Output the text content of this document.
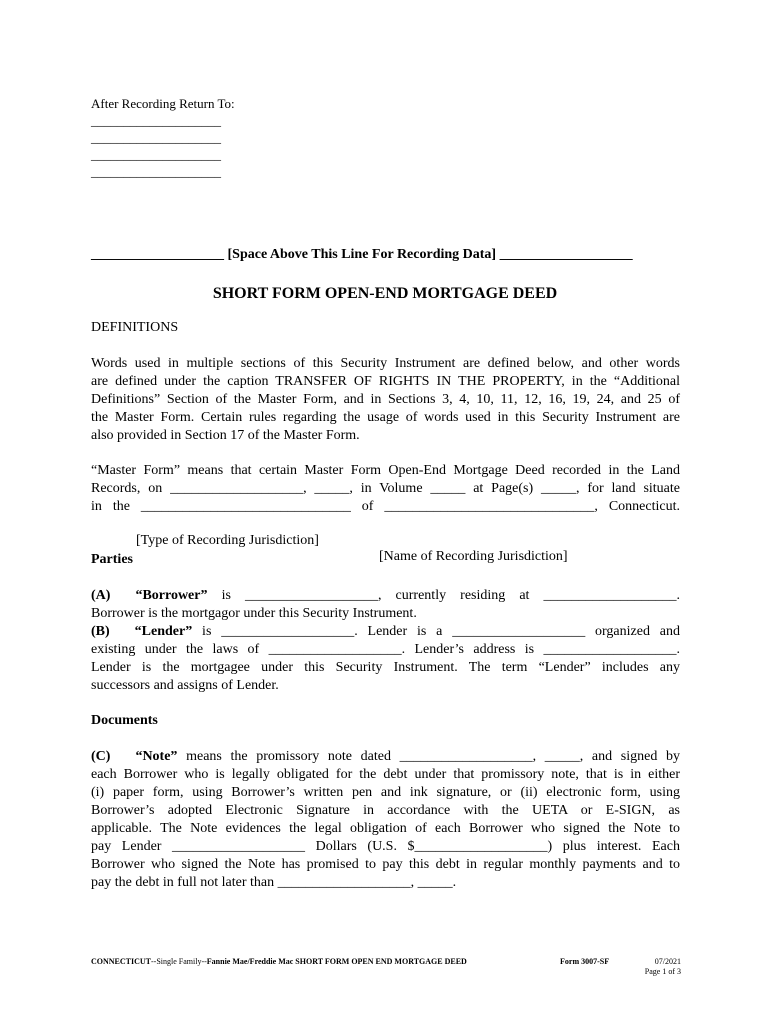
After Recording Return To:
____________________
____________________
____________________
____________________
___________________ [Space Above This Line For Recording Data] ___________________
SHORT FORM OPEN-END MORTGAGE DEED
DEFINITIONS
Words used in multiple sections of this Security Instrument are defined below, and other words
are defined under the caption TRANSFER OF RIGHTS IN THE PROPERTY, in the “Additional
Definitions” Section of the Master Form, and in Sections 3, 4, 10, 11, 12, 16, 19, 24, and 25 of
the Master Form. Certain rules regarding the usage of words used in this Security Instrument are
also provided in Section 17 of the Master Form.
“Master Form” means that certain Master Form Open-End Mortgage Deed recorded in the Land
Records, on ___________________, _____, in Volume _____ at Page(s) _____, for land situate
in the ______________________________ of ______________________________, Connecticut.

[Type of Recording Jurisdiction]

[Name of Recording Jurisdiction]

Parties
(A) “Borrower” is ___________________, currently residing at ___________________.
Borrower is the mortgagor under this Security Instrument.
(B) “Lender” is ___________________. Lender is a ___________________ organized and
existing under the laws of ___________________. Lender’s address is ___________________.
Lender is the mortgagee under this Security Instrument. The term “Lender” includes any
successors and assigns of Lender.
Documents
(C) “Note” means the promissory note dated ___________________, _____, and signed by
each Borrower who is legally obligated for the debt under that promissory note, that is in either
(i) paper form, using Borrower’s written pen and ink signature, or (ii) electronic form, using
Borrower’s adopted Electronic Signature in accordance with the UETA or E-SIGN, as
applicable. The Note evidences the legal obligation of each Borrower who signed the Note to
pay Lender ___________________ Dollars (U.S. $___________________) plus interest. Each
Borrower who signed the Note has promised to pay this debt in regular monthly payments and to
pay the debt in full not later than ___________________, _____.
CONNECTICUT--Single Family--Fannie Mae/Freddie Mac SHORT FORM OPEN END MORTGAGE DEED	Form 3007-SF	07/2021
Page 1 of 3
